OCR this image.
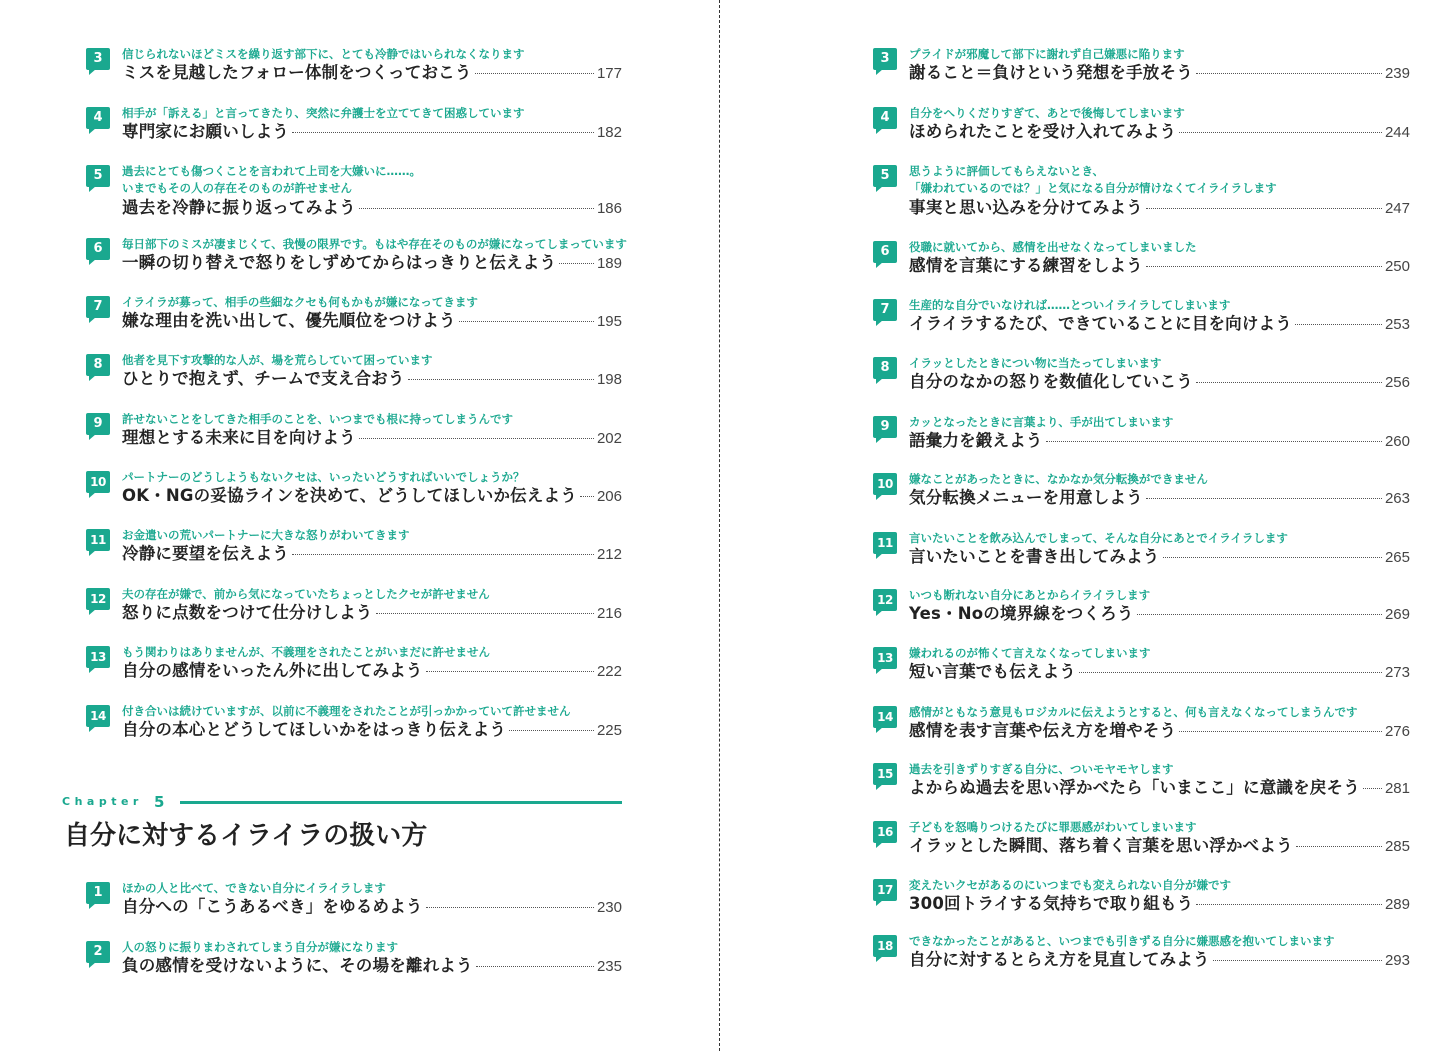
3	信じられないほどミスを繰り返す部下に、とても冷静ではいられなくなります
ミスを見越したフォロー体制をつくっておこう	177
4	相手が「訴える」と言ってきたり、突然に弁護士を立ててきて困惑しています
専門家にお願いしよう	182
5	過去にとても傷つくことを言われて上司を大嫌いに……。
いまでもその人の存在そのものが許せません
過去を冷静に振り返ってみよう	186
6	毎日部下のミスが凄まじくて、我慢の限界です。もはや存在そのものが嫌になってしまっています
一瞬の切り替えで怒りをしずめてからはっきりと伝えよう	189
7	イライラが募って、相手の些細なクセも何もかもが嫌になってきます
嫌な理由を洗い出して、優先順位をつけよう	195
8	他者を見下す攻撃的な人が、場を荒らしていて困っています
ひとりで抱えず、チームで支え合おう	198
9	許せないことをしてきた相手のことを、いつまでも根に持ってしまうんです
理想とする未来に目を向けよう	202
10	パートナーのどうしようもないクセは、いったいどうすればいいでしょうか？
OK・NGの妥協ラインを決めて、どうしてほしいか伝えよう 206
11	お金遣いの荒いパートナーに大きな怒りがわいてきます
冷静に要望を伝えよう	212
12	夫の存在が嫌で、前から気になっていたちょっとしたクセが許せません
怒りに点数をつけて仕分けしよう	216
13	もう関わりはありませんが、不義理をされたことがいまだに許せません
自分の感情をいったん外に出してみよう	222
14	付き合いは続けていますが、以前に不義理をされたことが引っかかっていて許せません
自分の本心とどうしてほしいかをはっきり伝えよう	225
Chapter 5
自分に対するイライラの扱い方
1	ほかの人と比べて、できない自分にイライラします
自分への「こうあるべき」をゆるめよう	230
2	人の怒りに振りまわされてしまう自分が嫌になります
負の感情を受けないように、その場を離れよう	235
3	プライドが邪魔して部下に謝れず自己嫌悪に陥ります
謝ること＝負けという発想を手放そう	239
4	自分をへりくだりすぎて、あとで後悔してしまいます
ほめられたことを受け入れてみよう	244
5	思うように評価してもらえないとき、
「嫌われているのでは？」と気になる自分が情けなくてイライラします
事実と思い込みを分けてみよう	247
6	役職に就いてから、感情を出せなくなってしまいました
感情を言葉にする練習をしよう	250
7	生産的な自分でいなければ……とついイライラしてしまいます
イライラするたび、できていることに目を向けよう	253
8	イラッとしたときについ物に当たってしまいます
自分のなかの怒りを数値化していこう	256
9	カッとなったときに言葉より、手が出てしまいます
語彙力を鍛えよう	260
10	嫌なことがあったときに、なかなか気分転換ができません
気分転換メニューを用意しよう	263
11	言いたいことを飲み込んでしまって、そんな自分にあとでイライラします
言いたいことを書き出してみよう	265
12	いつも断れない自分にあとからイライラします
Yes・Noの境界線をつくろう	269
13	嫌われるのが怖くて言えなくなってしまいます
短い言葉でも伝えよう	273
14	感情がともなう意見もロジカルに伝えようとすると、何も言えなくなってしまうんです
感情を表す言葉や伝え方を増やそう	276
15	過去を引きずりすぎる自分に、ついモヤモヤします
よからぬ過去を思い浮かべたら「いまここ」に意識を戻そう 281
16	子どもを怒鳴りつけるたびに罪悪感がわいてしまいます
イラッとした瞬間、落ち着く言葉を思い浮かべよう	285
17	変えたいクセがあるのにいつまでも変えられない自分が嫌です
300回トライする気持ちで取り組もう	289
18	できなかったことがあると、いつまでも引きずる自分に嫌悪感を抱いてしまいます
自分に対するとらえ方を見直してみよう	293
